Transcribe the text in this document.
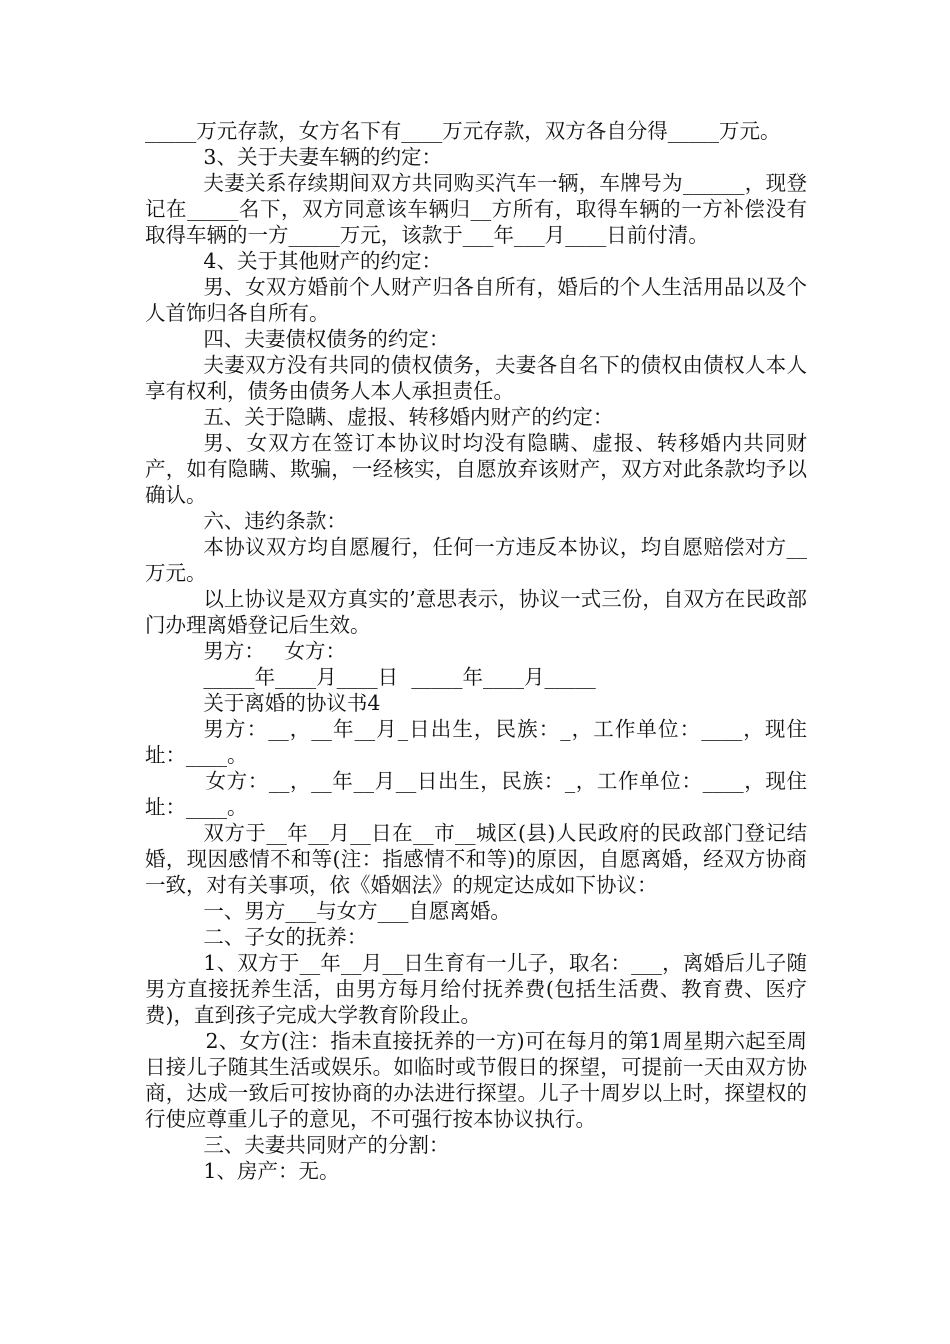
_____万元存款，女方名下有____万元存款，双方各自分得_____万元。

3、关于夫妻车辆的约定：

夫妻关系存续期间双方共同购买汽车一辆，车牌号为______，现登记在_____名下，双方同意该车辆归__方所有，取得车辆的一方补偿没有取得车辆的一方_____万元，该款于___年___月____日前付清。

4、关于其他财产的约定：

男、女双方婚前个人财产归各自所有，婚后的个人生活用品以及个人首饰归各自所有。

四、夫妻债权债务的约定：

夫妻双方没有共同的债权债务，夫妻各自名下的债权由债权人本人享有权利，债务由债务人本人承担责任。

五、关于隐瞒、虚报、转移婚内财产的约定：

男、女双方在签订本协议时均没有隐瞒、虚报、转移婚内共同财产，如有隐瞒、欺骗，一经核实，自愿放弃该财产，双方对此条款均予以确认。

六、违约条款：

本协议双方均自愿履行，任何一方违反本协议，均自愿赔偿对方__万元。

以上协议是双方真实的’意思表示，协议一式三份，自双方在民政部门办理离婚登记后生效。

男方：   女方：

_____年____月____日  _____年____月_____

关于离婚的协议书4

男方：__，__年__月_日出生，民族：_，工作单位：____，现住址：____。

女方：__，__年__月__日出生，民族：_，工作单位：____，现住址：____。

双方于__年__月__日在__市__城区(县)人民政府的民政部门登记结婚，现因感情不和等(注：指感情不和等)的原因，自愿离婚，经双方协商一致，对有关事项，依《婚姻法》的规定达成如下协议：

一、男方___与女方___自愿离婚。

二、子女的抚养：

1、双方于__年__月__日生育有一儿子，取名：___，离婚后儿子随男方直接抚养生活，由男方每月给付抚养费(包括生活费、教育费、医疗费)，直到孩子完成大学教育阶段止。

2、女方(注：指未直接抚养的一方)可在每月的第1周星期六起至周日接儿子随其生活或娱乐。如临时或节假日的探望，可提前一天由双方协商，达成一致后可按协商的办法进行探望。儿子十周岁以上时，探望权的行使应尊重儿子的意见，不可强行按本协议执行。

三、夫妻共同财产的分割：

1、房产：无。
